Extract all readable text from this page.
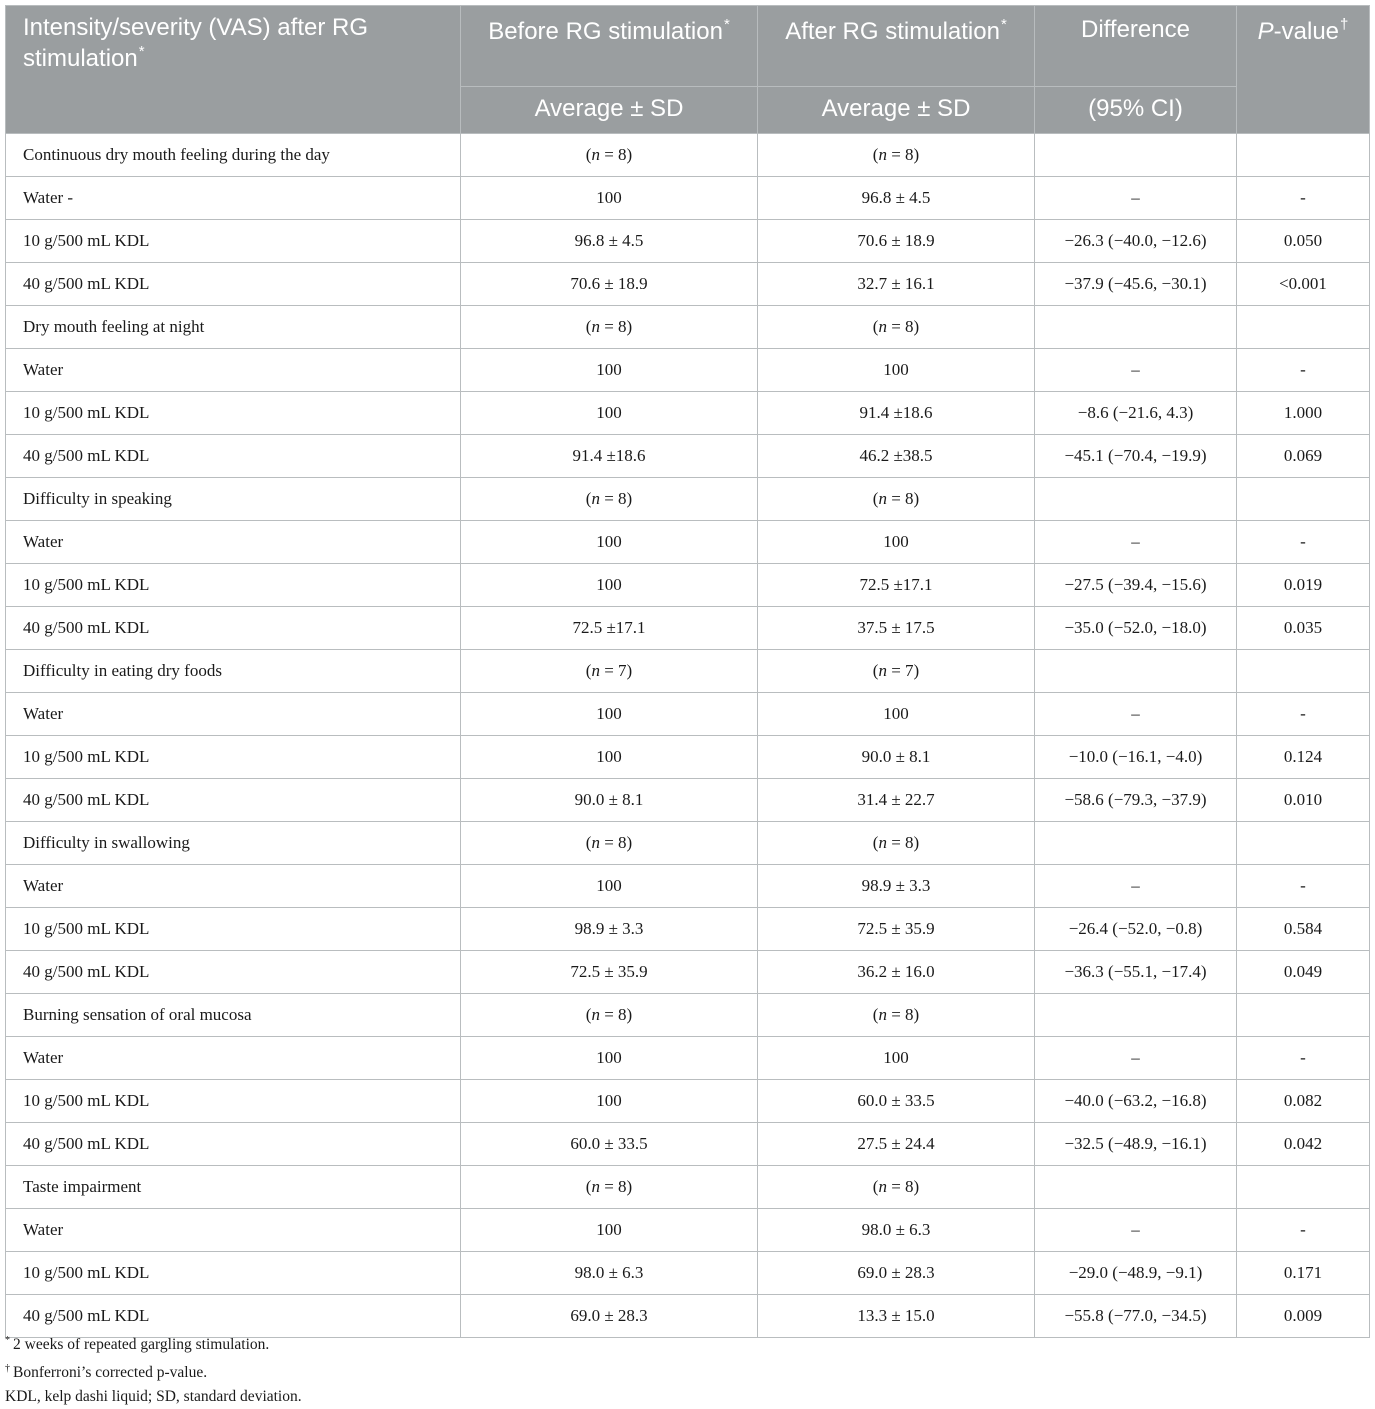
Intensity/severity (VAS) after RG stimulation*	Before RG stimulation*	After RG stimulation*	Difference	P-value†
	Average ± SD	Average ± SD	(95% CI)	
Continuous dry mouth feeling during the day	(n = 8)	(n = 8)		
Water -	100	96.8 ± 4.5	–	-
10 g/500 mL KDL	96.8 ± 4.5	70.6 ± 18.9	−26.3 (−40.0, −12.6)	0.050
40 g/500 mL KDL	70.6 ± 18.9	32.7 ± 16.1	−37.9 (−45.6, −30.1)	<0.001
Dry mouth feeling at night	(n = 8)	(n = 8)		
Water	100	100	–	-
10 g/500 mL KDL	100	91.4 ±18.6	−8.6 (−21.6, 4.3)	1.000
40 g/500 mL KDL	91.4 ±18.6	46.2 ±38.5	−45.1 (−70.4, −19.9)	0.069
Difficulty in speaking	(n = 8)	(n = 8)		
Water	100	100	–	-
10 g/500 mL KDL	100	72.5 ±17.1	−27.5 (−39.4, −15.6)	0.019
40 g/500 mL KDL	72.5 ±17.1	37.5 ± 17.5	−35.0 (−52.0, −18.0)	0.035
Difficulty in eating dry foods	(n = 7)	(n = 7)		
Water	100	100	–	-
10 g/500 mL KDL	100	90.0 ± 8.1	−10.0 (−16.1, −4.0)	0.124
40 g/500 mL KDL	90.0 ± 8.1	31.4 ± 22.7	−58.6 (−79.3, −37.9)	0.010
Difficulty in swallowing	(n = 8)	(n = 8)		
Water	100	98.9 ± 3.3	–	-
10 g/500 mL KDL	98.9 ± 3.3	72.5 ± 35.9	−26.4 (−52.0, −0.8)	0.584
40 g/500 mL KDL	72.5 ± 35.9	36.2 ± 16.0	−36.3 (−55.1, −17.4)	0.049
Burning sensation of oral mucosa	(n = 8)	(n = 8)		
Water	100	100	–	-
10 g/500 mL KDL	100	60.0 ± 33.5	−40.0 (−63.2, −16.8)	0.082
40 g/500 mL KDL	60.0 ± 33.5	27.5 ± 24.4	−32.5 (−48.9, −16.1)	0.042
Taste impairment	(n = 8)	(n = 8)		
Water	100	98.0 ± 6.3	–	-
10 g/500 mL KDL	98.0 ± 6.3	69.0 ± 28.3	−29.0 (−48.9, −9.1)	0.171
40 g/500 mL KDL	69.0 ± 28.3	13.3 ± 15.0	−55.8 (−77.0, −34.5)	0.009
* 2 weeks of repeated gargling stimulation.
† Bonferroni’s corrected p-value.
KDL, kelp dashi liquid; SD, standard deviation.
